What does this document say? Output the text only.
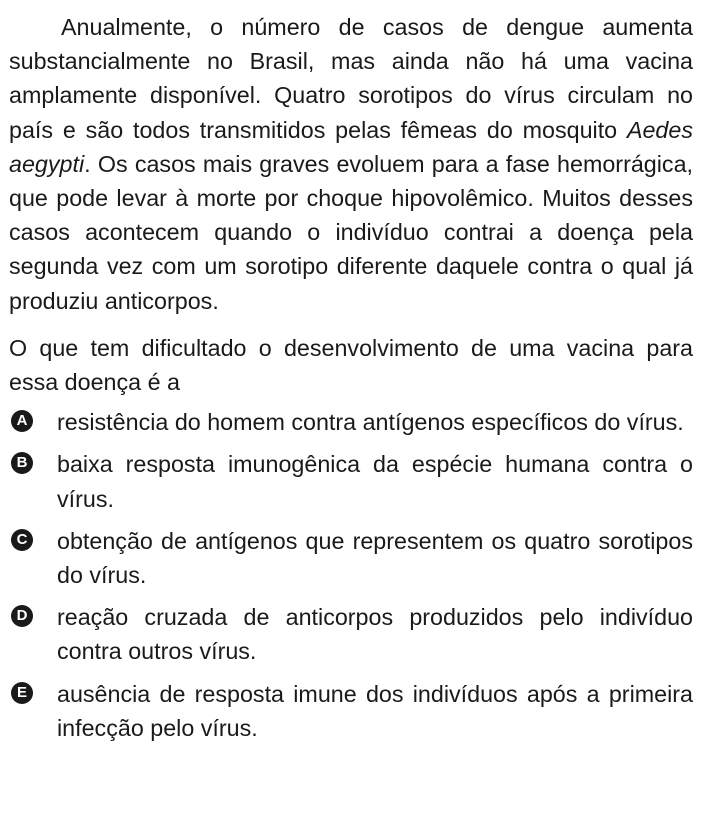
Anualmente, o número de casos de dengue aumenta substancialmente no Brasil, mas ainda não há uma vacina amplamente disponível. Quatro sorotipos do vírus circulam no país e são todos transmitidos pelas fêmeas do mosquito Aedes aegypti. Os casos mais graves evoluem para a fase hemorrágica, que pode levar à morte por choque hipovolêmico. Muitos desses casos acontecem quando o indivíduo contrai a doença pela segunda vez com um sorotipo diferente daquele contra o qual já produziu anticorpos.

O que tem dificultado o desenvolvimento de uma vacina para essa doença é a

A resistência do homem contra antígenos específicos do vírus.
B baixa resposta imunogênica da espécie humana contra o vírus.
C obtenção de antígenos que representem os quatro sorotipos do vírus.
D reação cruzada de anticorpos produzidos pelo indivíduo contra outros vírus.
E ausência de resposta imune dos indivíduos após a primeira infecção pelo vírus.
